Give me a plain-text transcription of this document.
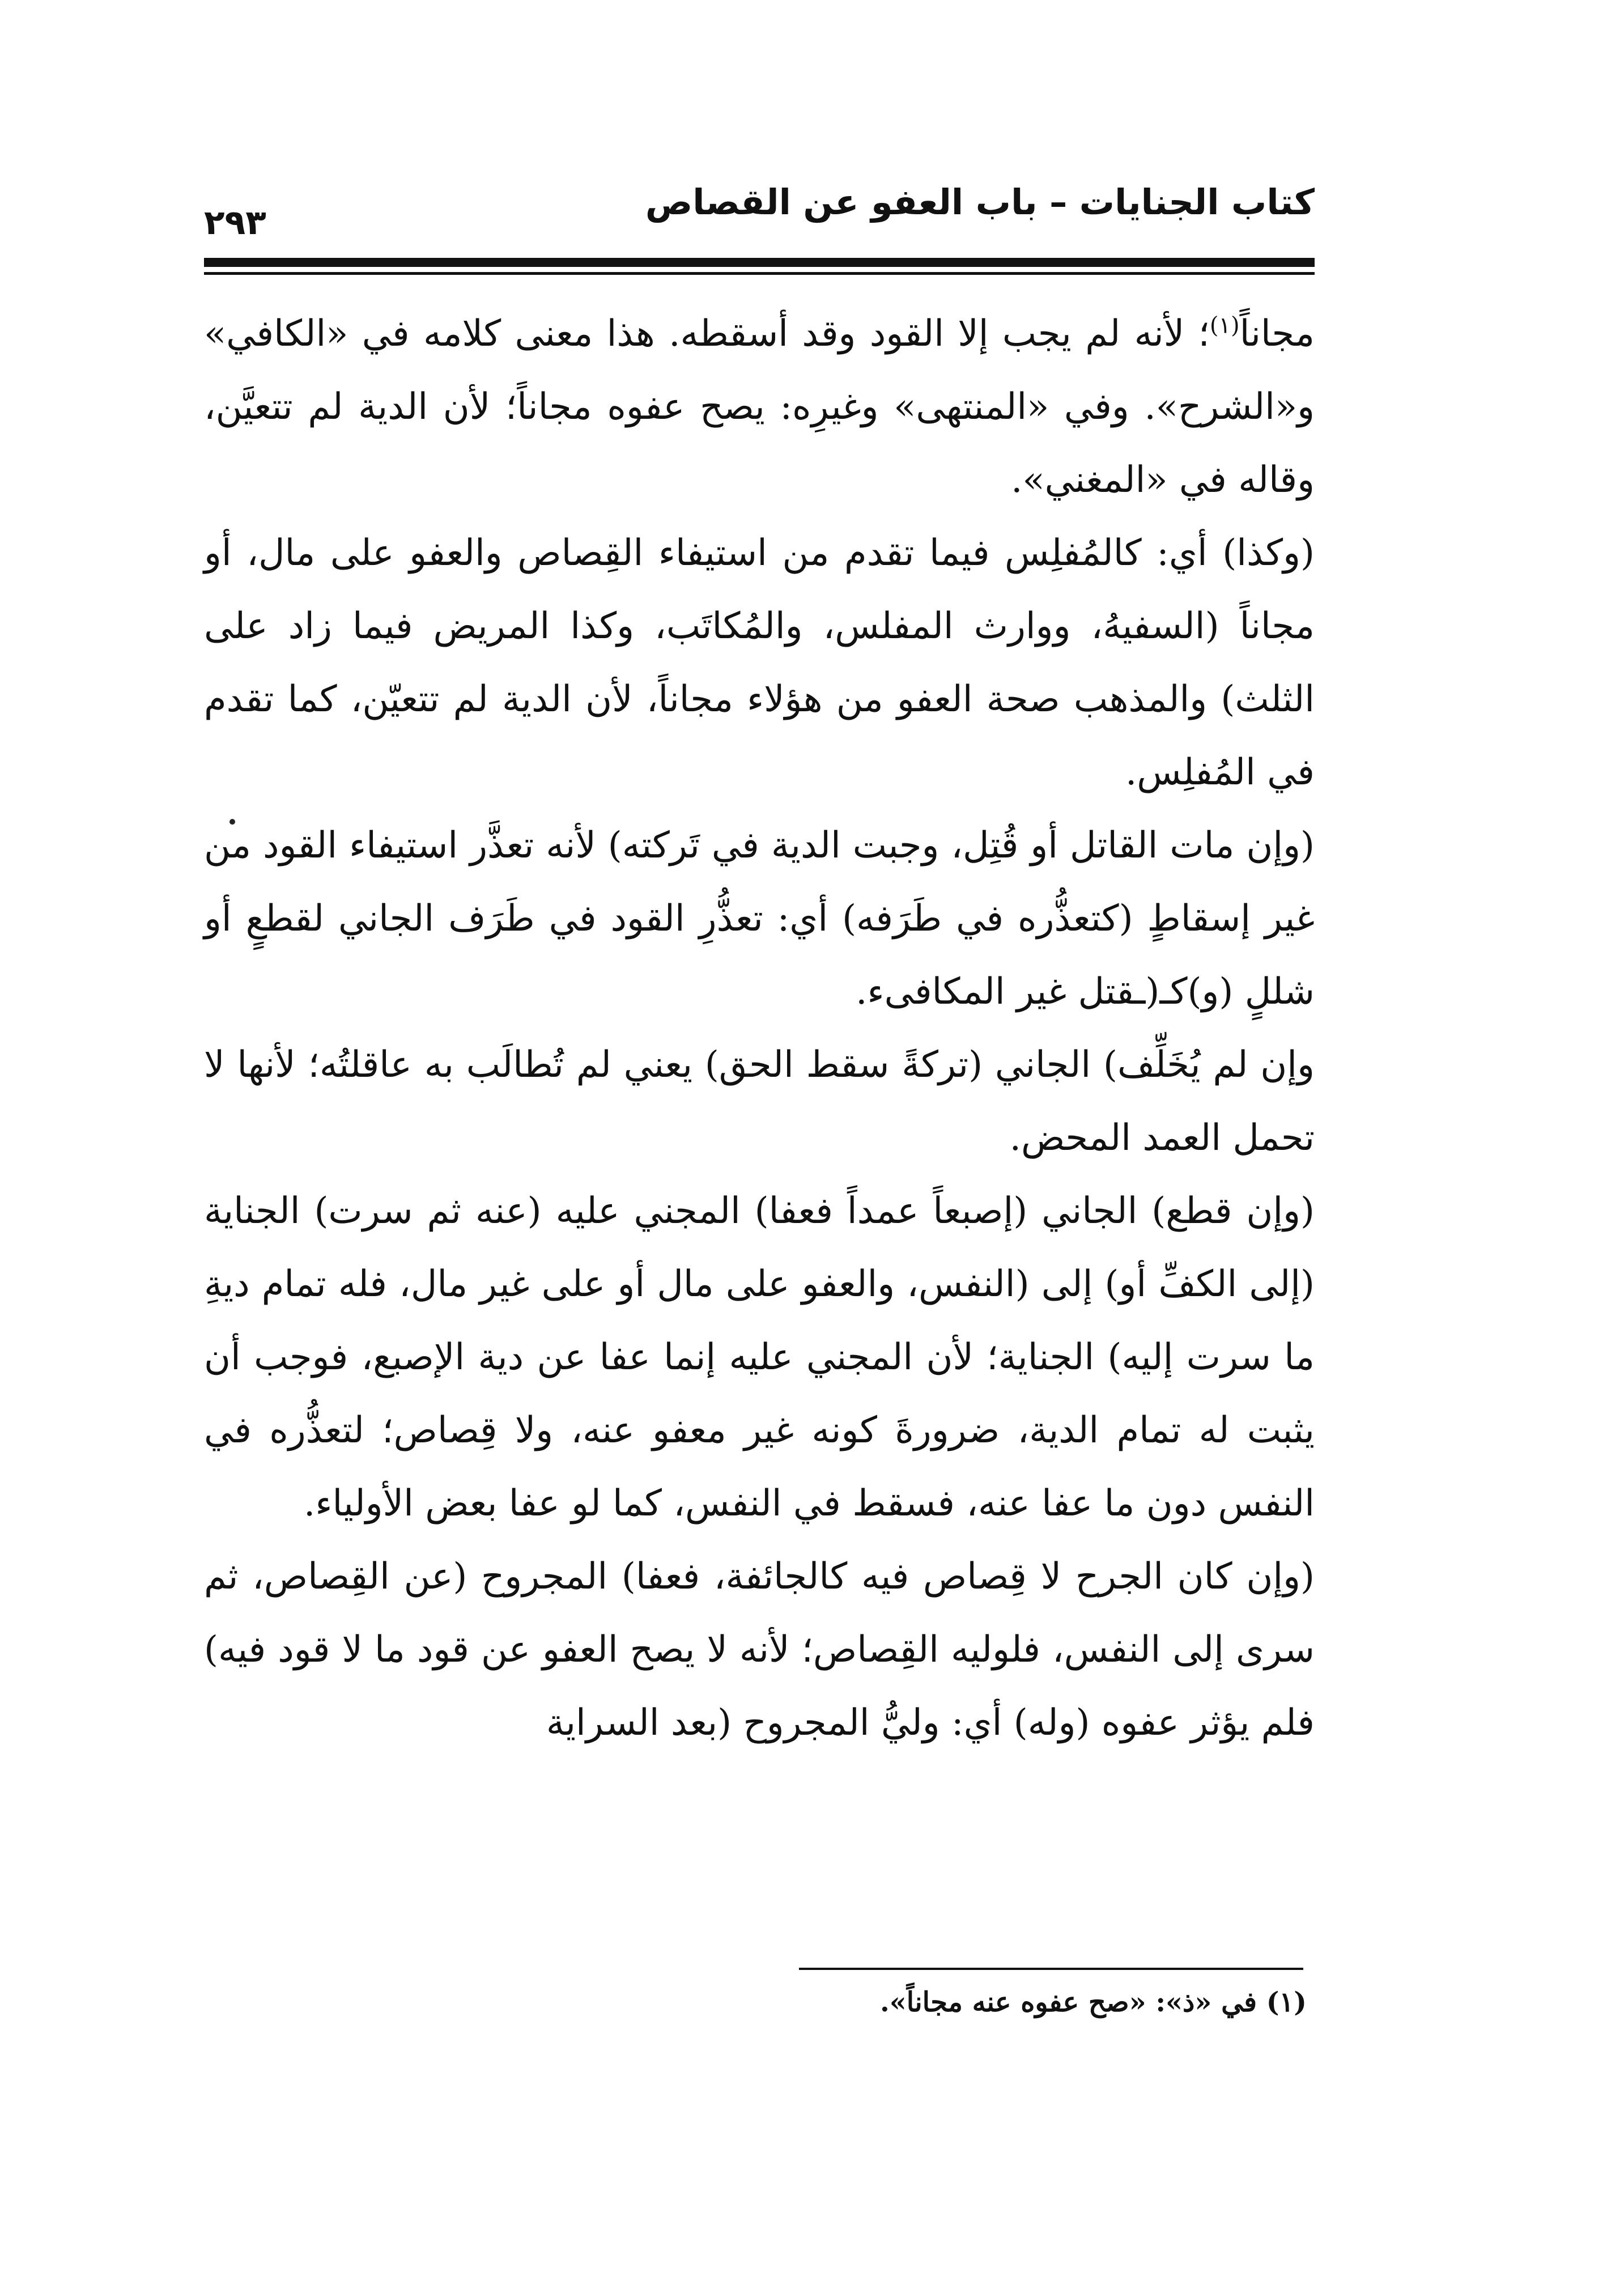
كتاب الجنايات – باب العفو عن القصاص
٢٩٣

مجاناً$^{(١)}$؛ لأنه لم يجب إلا القود وقد أسقطه. هذا معنى كلامه في «الكافي» و«الشرح». وفي «المنتهى» وغيرِه: يصح عفوه مجاناً؛ لأن الدية لم تتعيَّن، وقاله في «المغني».

(وكذا) أي: كالمُفلِس فيما تقدم من استيفاء القِصاص والعفو على مال، أو مجاناً (السفيهُ، ووارث المفلس، والمُكاتَب، وكذا المريض فيما زاد على الثلث) والمذهب صحة العفو من هؤلاء مجاناً، لأن الدية لم تتعيّن، كما تقدم في المُفلِس.

(وإن مات القاتل أو قُتِل، وجبت الدية في تَركته) لأنه تعذَّر استيفاء القود من غير إسقاطٍ (كتعذُّره في طَرَفه) أي: تعذُّرِ القود في طَرَف الجاني لقطعٍ أو شللٍ (و)كـ(ـقتل غير المكافىء.

وإن لم يُخَلِّف) الجاني (تركةً سقط الحق) يعني لم تُطالَب به عاقلتُه؛ لأنها لا تحمل العمد المحض.

(وإن قطع) الجاني (إصبعاً عمداً فعفا) المجني عليه (عنه ثم سرت) الجناية (إلى الكفِّ أو) إلى (النفس، والعفو على مال أو على غير مال، فله تمام ديةِ ما سرت إليه) الجناية؛ لأن المجني عليه إنما عفا عن دية الإصبع، فوجب أن يثبت له تمام الدية، ضرورةَ كونه غير معفو عنه، ولا قِصاص؛ لتعذُّره في النفس دون ما عفا عنه، فسقط في النفس، كما لو عفا بعض الأولياء.

(وإن كان الجرح لا قِصاص فيه كالجائفة، فعفا) المجروح (عن القِصاص، ثم سرى إلى النفس، فلوليه القِصاص؛ لأنه لا يصح العفو عن قود ما لا قود فيه) فلم يؤثر عفوه (وله) أي: وليُّ المجروح (بعد السراية

(١) في «ذ»: «صح عفوه عنه مجاناً».
